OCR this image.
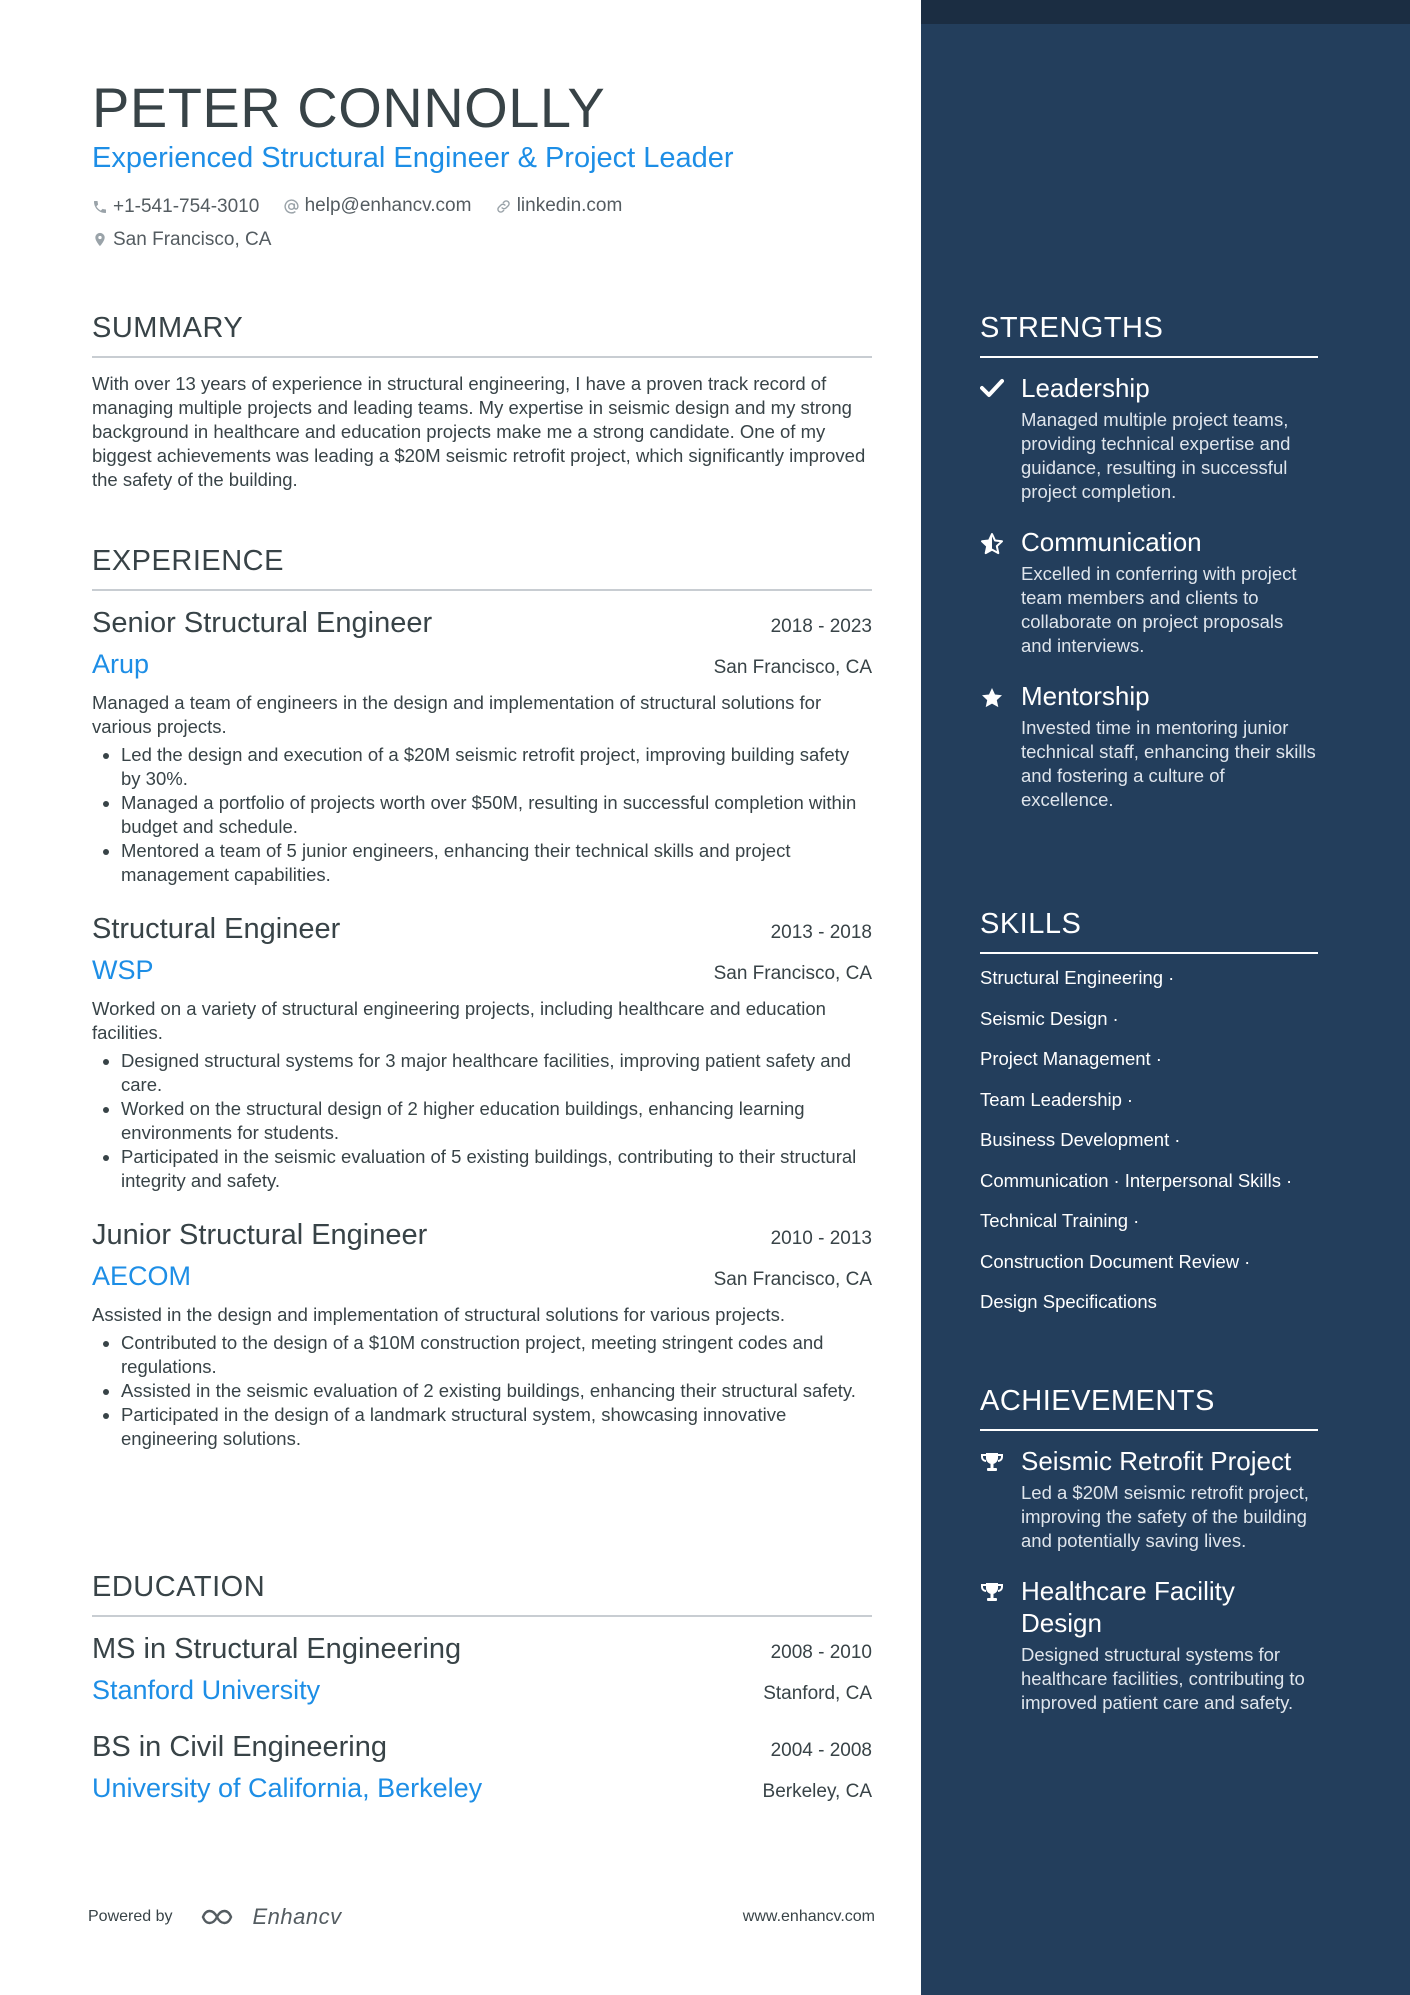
PETER CONNOLLY
Experienced Structural Engineer & Project Leader
+1-541-754-3010
help@enhancv.com
linkedin.com
San Francisco, CA
SUMMARY
With over 13 years of experience in structural engineering, I have a proven track record of managing multiple projects and leading teams. My expertise in seismic design and my strong background in healthcare and education projects make me a strong candidate. One of my biggest achievements was leading a $20M seismic retrofit project, which significantly improved the safety of the building.
EXPERIENCE
Senior Structural Engineer	2018 - 2023
Arup	San Francisco, CA
Managed a team of engineers in the design and implementation of structural solutions for various projects.
• Led the design and execution of a $20M seismic retrofit project, improving building safety by 30%.
• Managed a portfolio of projects worth over $50M, resulting in successful completion within budget and schedule.
• Mentored a team of 5 junior engineers, enhancing their technical skills and project management capabilities.
Structural Engineer	2013 - 2018
WSP	San Francisco, CA
Worked on a variety of structural engineering projects, including healthcare and education facilities.
• Designed structural systems for 3 major healthcare facilities, improving patient safety and care.
• Worked on the structural design of 2 higher education buildings, enhancing learning environments for students.
• Participated in the seismic evaluation of 5 existing buildings, contributing to their structural integrity and safety.
Junior Structural Engineer	2010 - 2013
AECOM	San Francisco, CA
Assisted in the design and implementation of structural solutions for various projects.
• Contributed to the design of a $10M construction project, meeting stringent codes and regulations.
• Assisted in the seismic evaluation of 2 existing buildings, enhancing their structural safety.
• Participated in the design of a landmark structural system, showcasing innovative engineering solutions.
EDUCATION
MS in Structural Engineering	2008 - 2010
Stanford University	Stanford, CA
BS in Civil Engineering	2004 - 2008
University of California, Berkeley	Berkeley, CA
Powered by	Enhancv	www.enhancv.com
STRENGTHS
Leadership
Managed multiple project teams, providing technical expertise and guidance, resulting in successful project completion.
Communication
Excelled in conferring with project team members and clients to collaborate on project proposals and interviews.
Mentorship
Invested time in mentoring junior technical staff, enhancing their skills and fostering a culture of excellence.
SKILLS
Structural Engineering ·
Seismic Design ·
Project Management ·
Team Leadership ·
Business Development ·
Communication · Interpersonal Skills ·
Technical Training ·
Construction Document Review ·
Design Specifications
ACHIEVEMENTS
Seismic Retrofit Project
Led a $20M seismic retrofit project, improving the safety of the building and potentially saving lives.
Healthcare Facility Design
Designed structural systems for healthcare facilities, contributing to improved patient care and safety.
